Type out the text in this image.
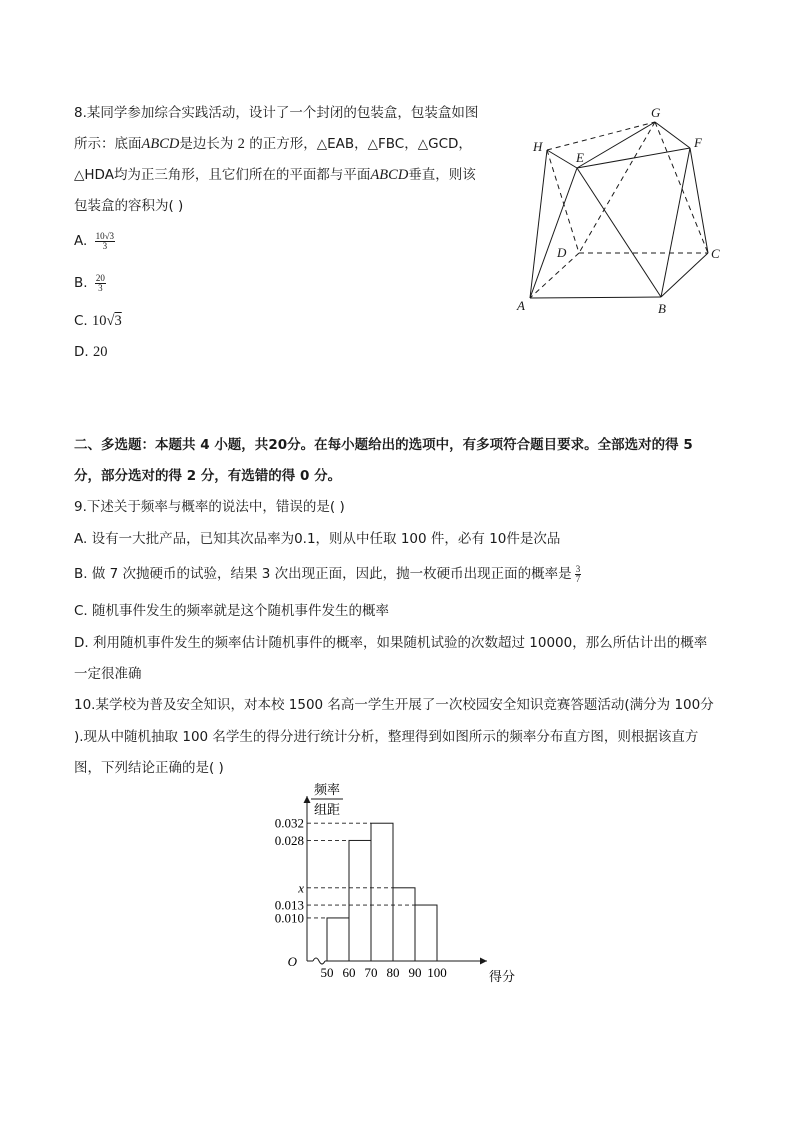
8.某同学参加综合实践活动，设计了一个封闭的包装盒，包装盒如图
所示：底面ABCD是边长为 2 的正方形，△EAB，△FBC，△GCD，
△HDA均为正三角形，且它们所在的平面都与平面ABCD垂直，则该
包装盒的容积为( )
A. $\frac{10√3}{3}$
B. $\frac{20}{3}$
C. 10√3
D. 20
G
H
E
F
D	C
A	B
二、多选题：本题共 4 小题，共20分。在每小题给出的选项中，有多项符合题目要求。全部选对的得 5
分，部分选对的得 2 分，有选错的得 0 分。
9.下述关于频率与概率的说法中，错误的是( )
A. 设有一大批产品，已知其次品率为0.1，则从中任取 100 件，必有 10件是次品
B. 做 7 次抛硬币的试验，结果 3 次出现正面，因此，抛一枚硬币出现正面的概率是 $\frac{3}{7}$
C. 随机事件发生的频率就是这个随机事件发生的概率
D. 利用随机事件发生的频率估计随机事件的概率，如果随机试验的次数超过 10000，那么所估计出的概率
一定很准确
10.某学校为普及安全知识，对本校 1500 名高一学生开展了一次校园安全知识竞赛答题活动(满分为 100分
).现从中随机抽取 100 名学生的得分进行统计分析，整理得到如图所示的频率分布直方图，则根据该直方
图，下列结论正确的是( )
频率
组距
O
0.032
0.028
x
0.013
0.010
50 60 70 80 90 100	得分
